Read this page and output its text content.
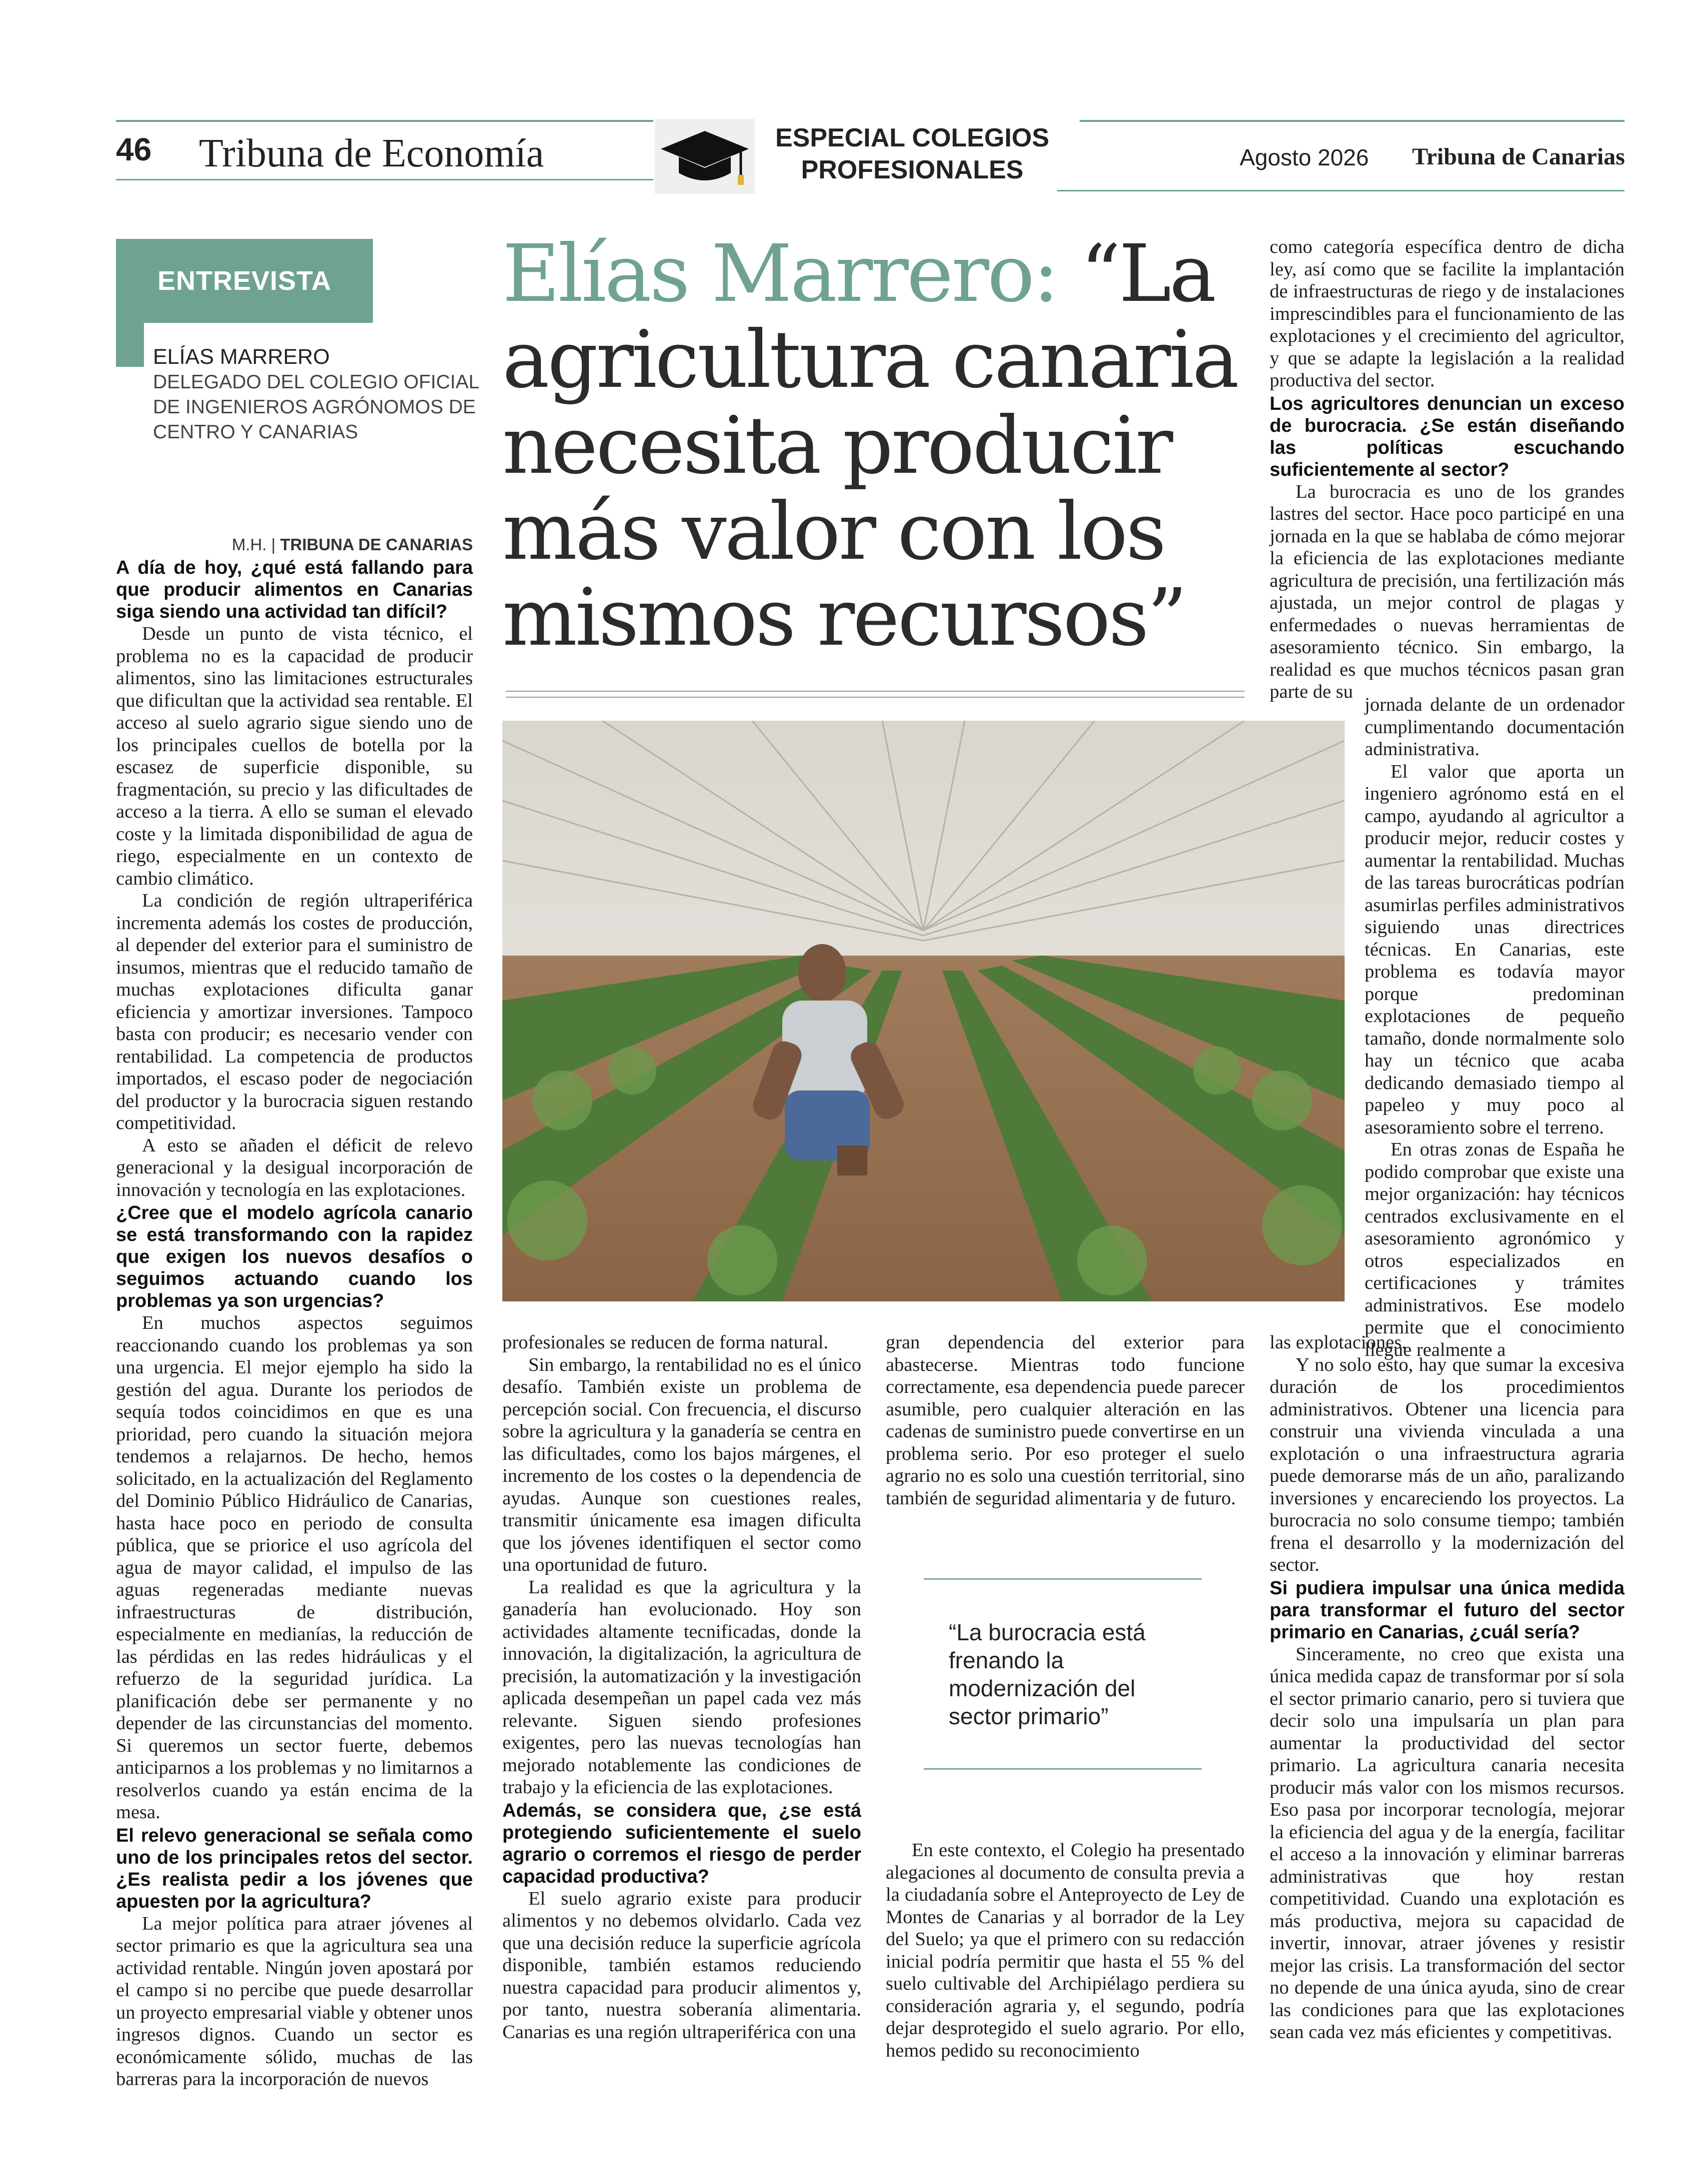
46 Tribuna de Economía	ESPECIAL COLEGIOS
PROFESIONALES	Agosto 2026 Tribuna de Canarias
ENTREVISTA
ELÍAS MARRERO
DELEGADO DEL COLEGIO OFICIAL DE INGENIEROS AGRÓNOMOS DE CENTRO Y CANARIAS
Elías Marrero: “La agricultura canaria necesita producir más valor con los mismos recursos”
M.H. | TRIBUNA DE CANARIAS

A día de hoy, ¿qué está fallando para que producir alimentos en Canarias siga siendo una actividad tan difícil?

Desde un punto de vista técnico, el problema no es la capacidad de producir alimentos, sino las limitaciones estructurales que dificultan que la actividad sea rentable. El acceso al suelo agrario sigue siendo uno de los principales cuellos de botella por la escasez de superficie disponible, su fragmentación, su precio y las dificultades de acceso a la tierra. A ello se suman el elevado coste y la limitada disponibilidad de agua de riego, especialmente en un contexto de cambio climático.

La condición de región ultraperiférica incrementa además los costes de producción, al depender del exterior para el suministro de insumos, mientras que el reducido tamaño de muchas explotaciones dificulta ganar eficiencia y amortizar inversiones. Tampoco basta con producir; es necesario vender con rentabilidad. La competencia de productos importados, el escaso poder de negociación del productor y la burocracia siguen restando competitividad.

A esto se añaden el déficit de relevo generacional y la desigual incorporación de innovación y tecnología en las explotaciones.

¿Cree que el modelo agrícola canario se está transformando con la rapidez que exigen los nuevos desafíos o seguimos actuando cuando los problemas ya son urgencias?

En muchos aspectos seguimos reaccionando cuando los problemas ya son una urgencia. El mejor ejemplo ha sido la gestión del agua. Durante los periodos de sequía todos coincidimos en que es una prioridad, pero cuando la situación mejora tendemos a relajarnos. De hecho, hemos solicitado, en la actualización del Reglamento del Dominio Público Hidráulico de Canarias, hasta hace poco en periodo de consulta pública, que se priorice el uso agrícola del agua de mayor calidad, el impulso de las aguas regeneradas mediante nuevas infraestructuras de distribución, especialmente en medianías, la reducción de las pérdidas en las redes hidráulicas y el refuerzo de la seguridad jurídica. La planificación debe ser permanente y no depender de las circunstancias del momento. Si queremos un sector fuerte, debemos anticiparnos a los problemas y no limitarnos a resolverlos cuando ya están encima de la mesa.

El relevo generacional se señala como uno de los principales retos del sector. ¿Es realista pedir a los jóvenes que apuesten por la agricultura?

La mejor política para atraer jóvenes al sector primario es que la agricultura sea una actividad rentable. Ningún joven apostará por el campo si no percibe que puede desarrollar un proyecto empresarial viable y obtener unos ingresos dignos. Cuando un sector es económicamente sólido, muchas de las barreras para la incorporación de nuevos

profesionales se reducen de forma natural.

Sin embargo, la rentabilidad no es el único desafío. También existe un problema de percepción social. Con frecuencia, el discurso sobre la agricultura y la ganadería se centra en las dificultades, como los bajos márgenes, el incremento de los costes o la dependencia de ayudas. Aunque son cuestiones reales, transmitir únicamente esa imagen dificulta que los jóvenes identifiquen el sector como una oportunidad de futuro.

La realidad es que la agricultura y la ganadería han evolucionado. Hoy son actividades altamente tecnificadas, donde la innovación, la digitalización, la agricultura de precisión, la automatización y la investigación aplicada desempeñan un papel cada vez más relevante. Siguen siendo profesiones exigentes, pero las nuevas tecnologías han mejorado notablemente las condiciones de trabajo y la eficiencia de las explotaciones.

Además, se considera que, ¿se está protegiendo suficientemente el suelo agrario o corremos el riesgo de perder capacidad productiva?

El suelo agrario existe para producir alimentos y no debemos olvidarlo. Cada vez que una decisión reduce la superficie agrícola disponible, también estamos reduciendo nuestra capacidad para producir alimentos y, por tanto, nuestra soberanía alimentaria. Canarias es una región ultraperiférica con una

gran dependencia del exterior para abastecerse. Mientras todo funcione correctamente, esa dependencia puede parecer asumible, pero cualquier alteración en las cadenas de suministro puede convertirse en un problema serio. Por eso proteger el suelo agrario no es solo una cuestión territorial, sino también de seguridad alimentaria y de futuro.

“La burocracia está frenando la modernización del sector primario”

En este contexto, el Colegio ha presentado alegaciones al documento de consulta previa a la ciudadanía sobre el Anteproyecto de Ley de Montes de Canarias y al borrador de la Ley del Suelo; ya que el primero con su redacción inicial podría permitir que hasta el 55 % del suelo cultivable del Archipiélago perdiera su consideración agraria y, el segundo, podría dejar desprotegido el suelo agrario. Por ello, hemos pedido su reconocimiento

como categoría específica dentro de dicha ley, así como que se facilite la implantación de infraestructuras de riego y de instalaciones imprescindibles para el funcionamiento de las explotaciones y el crecimiento del agricultor, y que se adapte la legislación a la realidad productiva del sector.

Los agricultores denuncian un exceso de burocracia. ¿Se están diseñando las políticas escuchando suficientemente al sector?

La burocracia es uno de los grandes lastres del sector. Hace poco participé en una jornada en la que se hablaba de cómo mejorar la eficiencia de las explotaciones mediante agricultura de precisión, una fertilización más ajustada, un mejor control de plagas y enfermedades o nuevas herramientas de asesoramiento técnico. Sin embargo, la realidad es que muchos técnicos pasan gran parte de su

jornada delante de un ordenador cumplimentando documentación administrativa.

El valor que aporta un ingeniero agrónomo está en el campo, ayudando al agricultor a producir mejor, reducir costes y aumentar la rentabilidad. Muchas de las tareas burocráticas podrían asumirlas perfiles administrativos siguiendo unas directrices técnicas. En Canarias, este problema es todavía mayor porque predominan explotaciones de pequeño tamaño, donde normalmente solo hay un técnico que acaba dedicando demasiado tiempo al papeleo y muy poco al asesoramiento sobre el terreno.

En otras zonas de España he podido comprobar que existe una mejor organización: hay técnicos centrados exclusivamente en el asesoramiento agronómico y otros especializados en certificaciones y trámites administrativos. Ese modelo permite que el conocimiento llegue realmente a

las explotaciones.

Y no solo esto, hay que sumar la excesiva duración de los procedimientos administrativos. Obtener una licencia para construir una vivienda vinculada a una explotación o una infraestructura agraria puede demorarse más de un año, paralizando inversiones y encareciendo los proyectos. La burocracia no solo consume tiempo; también frena el desarrollo y la modernización del sector.

Si pudiera impulsar una única medida para transformar el futuro del sector primario en Canarias, ¿cuál sería?

Sinceramente, no creo que exista una única medida capaz de transformar por sí sola el sector primario canario, pero si tuviera que decir solo una impulsaría un plan para aumentar la productividad del sector primario. La agricultura canaria necesita producir más valor con los mismos recursos. Eso pasa por incorporar tecnología, mejorar la eficiencia del agua y de la energía, facilitar el acceso a la innovación y eliminar barreras administrativas que hoy restan competitividad. Cuando una explotación es más productiva, mejora su capacidad de invertir, innovar, atraer jóvenes y resistir mejor las crisis. La transformación del sector no depende de una única ayuda, sino de crear las condiciones para que las explotaciones sean cada vez más eficientes y competitivas.
